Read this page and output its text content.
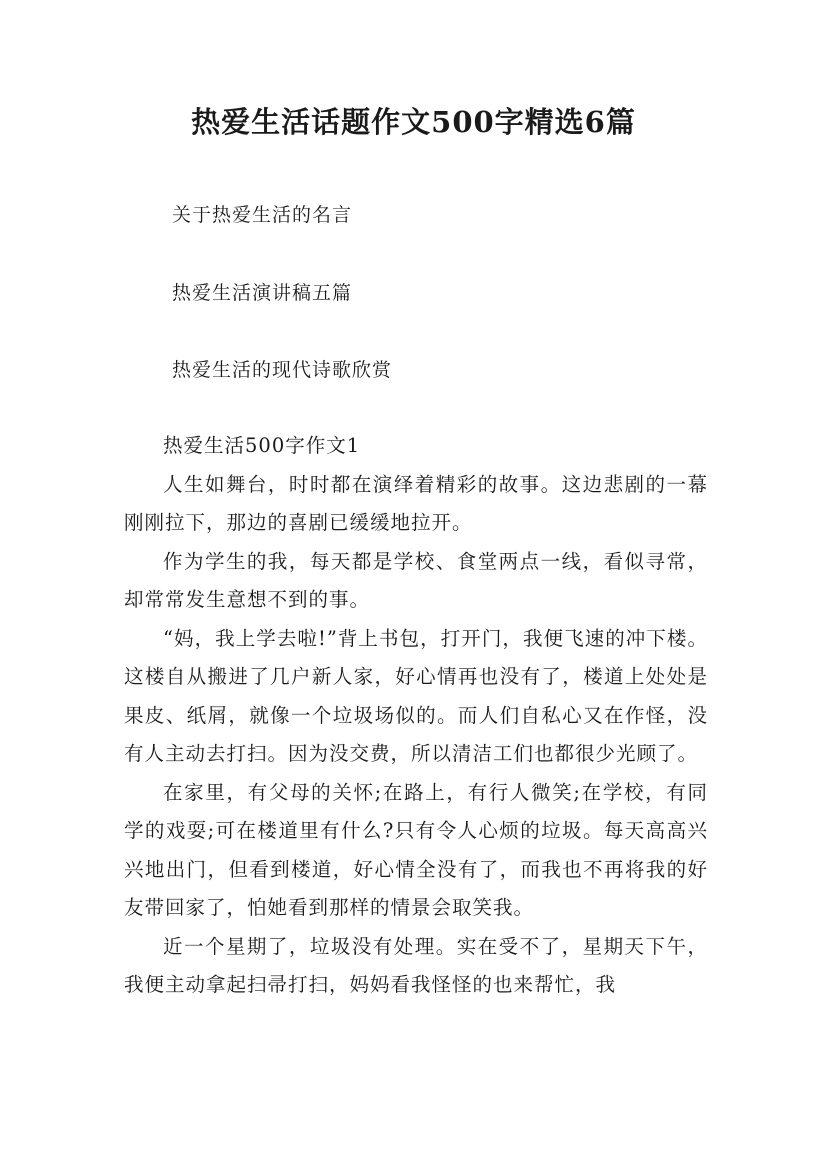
热爱生活话题作文500字精选6篇

关于热爱生活的名言

热爱生活演讲稿五篇

热爱生活的现代诗歌欣赏

热爱生活500字作文1

人生如舞台，时时都在演绎着精彩的故事。这边悲剧的一幕刚刚拉下，那边的喜剧已缓缓地拉开。

作为学生的我，每天都是学校、食堂两点一线，看似寻常，却常常发生意想不到的事。

“妈，我上学去啦!”背上书包，打开门，我便飞速的冲下楼。这楼自从搬进了几户新人家，好心情再也没有了，楼道上处处是果皮、纸屑，就像一个垃圾场似的。而人们自私心又在作怪，没有人主动去打扫。因为没交费，所以清洁工们也都很少光顾了。

在家里，有父母的关怀;在路上，有行人微笑;在学校，有同学的戏耍;可在楼道里有什么?只有令人心烦的垃圾。每天高高兴兴地出门，但看到楼道，好心情全没有了，而我也不再将我的好友带回家了，怕她看到那样的情景会取笑我。

近一个星期了，垃圾没有处理。实在受不了，星期天下午，我便主动拿起扫帚打扫，妈妈看我怪怪的也来帮忙，我
